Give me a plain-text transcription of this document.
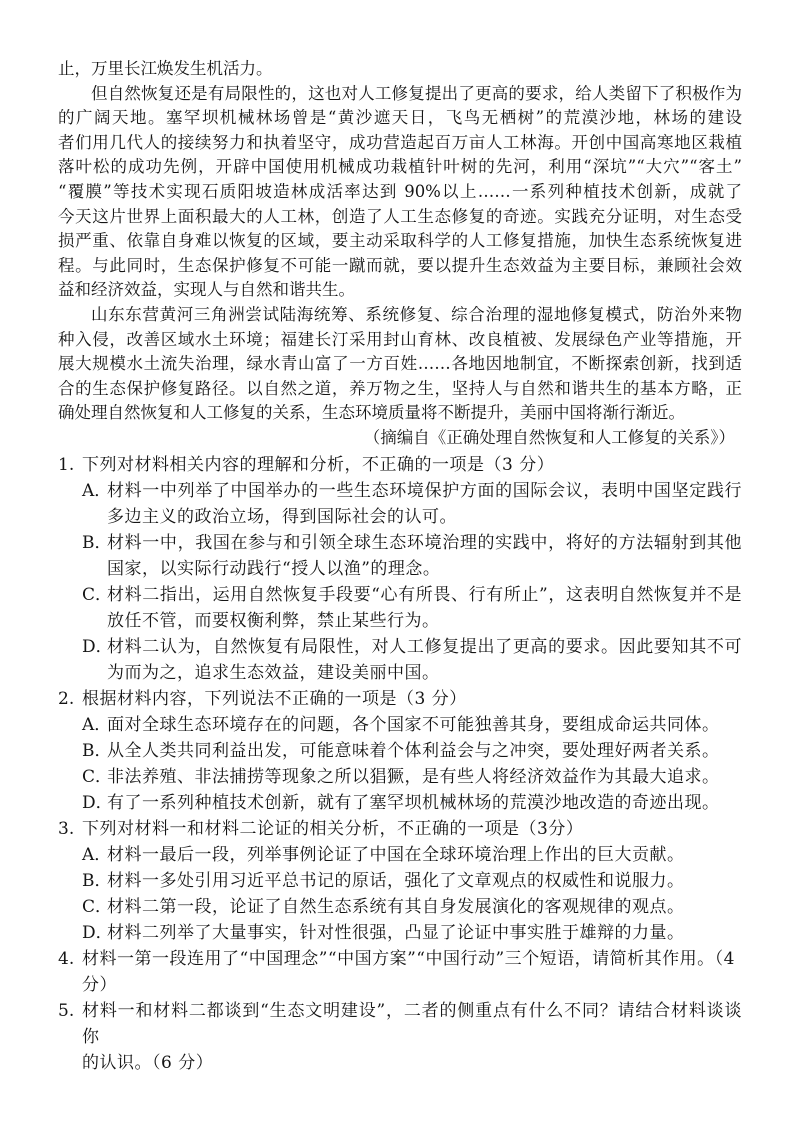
止，万里长江焕发生机活力。
但自然恢复还是有局限性的，这也对人工修复提出了更高的要求，给人类留下了积极作为
的广阔天地。塞罕坝机械林场曾是“黄沙遮天日，飞鸟无栖树”的荒漠沙地，林场的建设
者们用几代人的接续努力和执着坚守，成功营造起百万亩人工林海。开创中国高寒地区栽植
落叶松的成功先例，开辟中国使用机械成功栽植针叶树的先河，利用“深坑”“大穴”“客土”
“覆膜”等技术实现石质阳坡造林成活率达到 90%以上……一系列种植技术创新，成就了
今天这片世界上面积最大的人工林，创造了人工生态修复的奇迹。实践充分证明，对生态受
损严重、依靠自身难以恢复的区域，要主动采取科学的人工修复措施，加快生态系统恢复进
程。与此同时，生态保护修复不可能一蹴而就，要以提升生态效益为主要目标，兼顾社会效
益和经济效益，实现人与自然和谐共生。
山东东营黄河三角洲尝试陆海统筹、系统修复、综合治理的湿地修复模式，防治外来物
种入侵，改善区域水土环境；福建长汀采用封山育林、改良植被、发展绿色产业等措施，开
展大规模水土流失治理，绿水青山富了一方百姓……各地因地制宜，不断探索创新，找到适
合的生态保护修复路径。以自然之道，养万物之生，坚持人与自然和谐共生的基本方略，正
确处理自然恢复和人工修复的关系，生态环境质量将不断提升，美丽中国将渐行渐近。
（摘编自《正确处理自然恢复和人工修复的关系》）
1. 下列对材料相关内容的理解和分析，不正确的一项是（3 分）
A．
材料一中列举了中国举办的一些生态环境保护方面的国际会议，表明中国坚定践行
多边主义的政治立场，得到国际社会的认可。
B．
材料一中，我国在参与和引领全球生态环境治理的实践中，将好的方法辐射到其他
国家，以实际行动践行“授人以渔”的理念。
C．
材料二指出，运用自然恢复手段要“心有所畏、行有所止”，这表明自然恢复并不是
放任不管，而要权衡利弊，禁止某些行为。
D．
材料二认为，自然恢复有局限性，对人工修复提出了更高的要求。因此要知其不可
为而为之，追求生态效益，建设美丽中国。
2. 根据材料内容，下列说法不正确的一项是（3 分）
A．
面对全球生态环境存在的问题，各个国家不可能独善其身，要组成命运共同体。
B．
从全人类共同利益出发，可能意味着个体利益会与之冲突，要处理好两者关系。
C．
非法养殖、非法捕捞等现象之所以猖獗，是有些人将经济效益作为其最大追求。
D．
有了一系列种植技术创新，就有了塞罕坝机械林场的荒漠沙地改造的奇迹出现。
3. 下列对材料一和材料二论证的相关分析，不正确的一项是（3分）
A．
材料一最后一段，列举事例论证了中国在全球环境治理上作出的巨大贡献。
B．
材料一多处引用习近平总书记的原话，强化了文章观点的权威性和说服力。
C．
材料二第一段，论证了自然生态系统有其自身发展演化的客观规律的观点。
D．
材料二列举了大量事实，针对性很强，凸显了论证中事实胜于雄辩的力量。
4. 材料一第一段连用了“中国理念”“中国方案”“中国行动”三个短语，请简析其作用。（4 分）
5. 材料一和材料二都谈到“生态文明建设”，二者的侧重点有什么不同？请结合材料谈谈你
的认识。（6 分）
